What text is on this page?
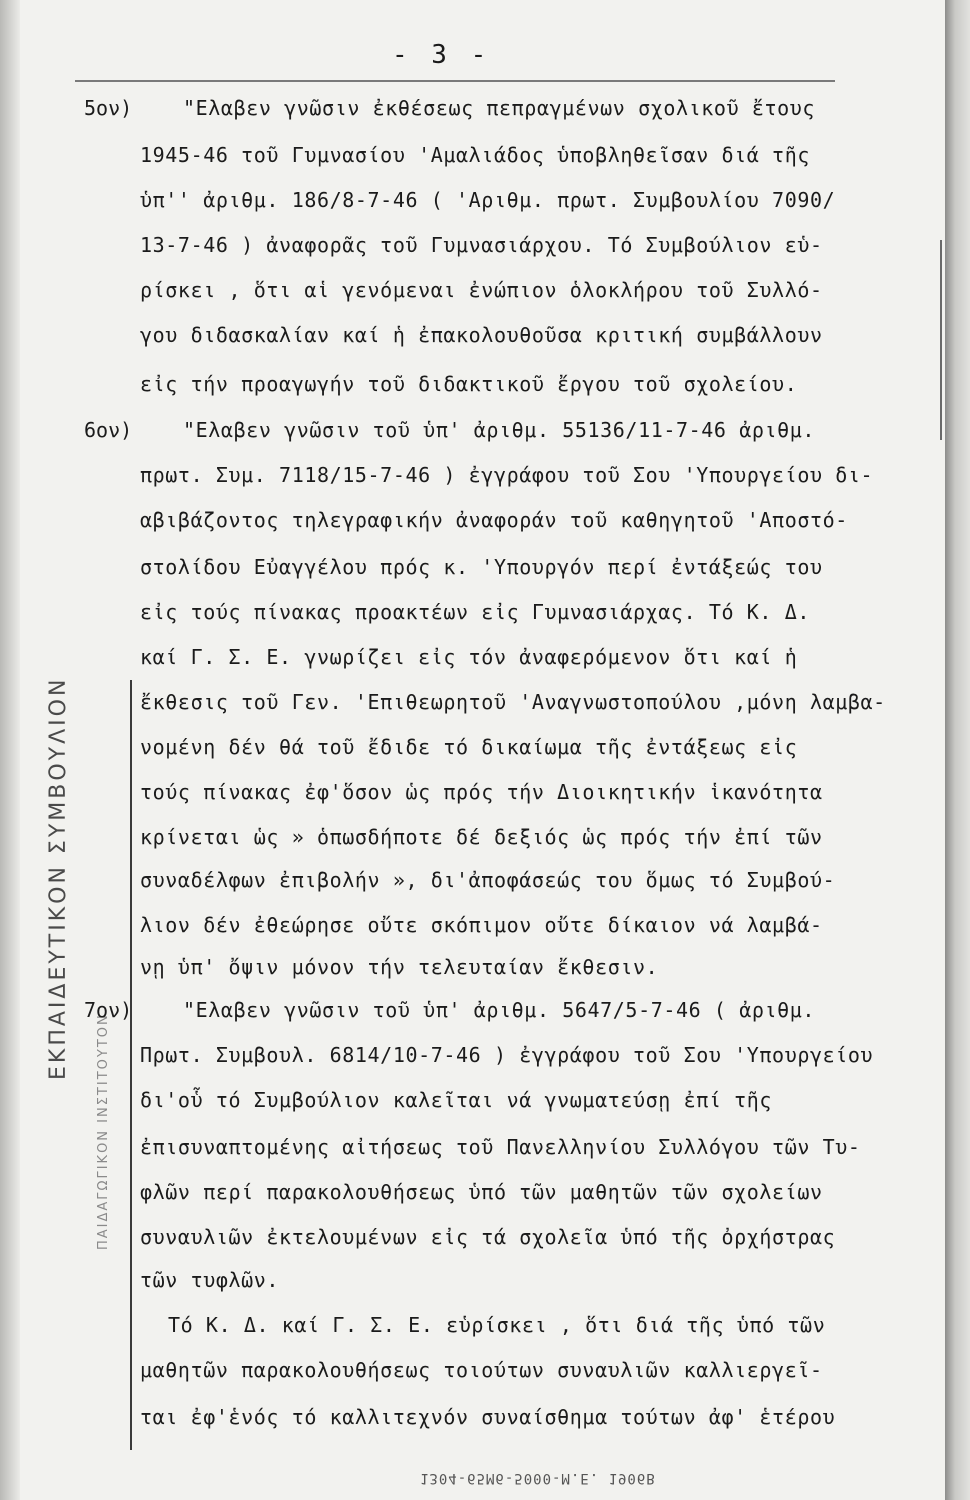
- 3 -
ΕΚΠΑΙΔΕΥΤΙΚΟΝ ΣΥΜΒΟΥΛΙΟΝ
ΠΑΙΔΑΓΩΓΙΚΟΝ ΙΝΣΤΙΤΟΥΤΟΝ
5ον)
6ον)
7ον)
"Ελαβεν γνῶσιν ἐκθέσεως πεπραγμένων σχολικοῦ ἔτους
1945-46 τοῦ Γυμνασίου 'Αμαλιάδος ὑποβληθεῖσαν διά τῆς
ὑπ'' ἀριθμ. 186/8-7-46 ( 'Αριθμ. πρωτ. Συμβουλίου 7090/
13-7-46 ) ἀναφορᾶς τοῦ Γυμνασιάρχου. Τό Συμβούλιον εὑ-
ρίσκει , ὅτι αἱ γενόμεναι ἐνώπιον ὁλοκλήρου τοῦ Συλλό-
γου διδασκαλίαν καί ἡ ἐπακολουθοῦσα κριτική συμβάλλουν
εἰς τήν προαγωγήν τοῦ διδακτικοῦ ἔργου τοῦ σχολείου.
"Ελαβεν γνῶσιν τοῦ ὑπ' ἀριθμ. 55136/11-7-46 ἀριθμ.
πρωτ. Συμ. 7118/15-7-46 ) ἐγγράφου τοῦ Σου 'Υπουργείου δι-
αβιβάζοντος τηλεγραφικήν ἀναφοράν τοῦ καθηγητοῦ 'Αποστό-
στολίδου Εὐαγγέλου πρός κ. 'Υπουργόν περί ἐντάξεώς του
εἰς τούς πίνακας προακτέων εἰς Γυμνασιάρχας. Τό Κ. Δ.
καί Γ. Σ. Ε. γνωρίζει εἰς τόν ἀναφερόμενον ὅτι καί ἡ
ἔκθεσις τοῦ Γεν. 'Επιθεωρητοῦ 'Αναγνωστοπούλου ,μόνη λαμβα-
νομένη δέν θά τοῦ ἔδιδε τό δικαίωμα τῆς ἐντάξεως εἰς
τούς πίνακας ἐφ'ὅσον ὡς πρός τήν Διοικητικήν ἱκανότητα
κρίνεται ὡς » ὁπωσδήποτε δέ δεξιός ὡς πρός τήν ἐπί τῶν
συναδέλφων ἐπιβολήν », δι'ἀποφάσεώς του ὅμως τό Συμβού-
λιον δέν ἐθεώρησε οὔτε σκόπιμον οὔτε δίκαιον νά λαμβά-
νῃ ὑπ' ὄψιν μόνον τήν τελευταίαν ἔκθεσιν.
"Ελαβεν γνῶσιν τοῦ ὑπ' ἀριθμ. 5647/5-7-46 ( ἀριθμ.
Πρωτ. Συμβουλ. 6814/10-7-46 ) ἐγγράφου τοῦ Σου 'Υπουργείου
δι'οὗ τό Συμβούλιον καλεῖται νά γνωματεύσῃ ἐπί τῆς
ἐπισυναπτομένης αἰτήσεως τοῦ Πανελληνίου Συλλόγου τῶν Τυ-
φλῶν περί παρακολουθήσεως ὑπό τῶν μαθητῶν τῶν σχολείων
συναυλιῶν ἐκτελουμένων εἰς τά σχολεῖα ὑπό τῆς ὀρχήστρας
τῶν τυφλῶν.
Τό Κ. Δ. καί Γ. Σ. Ε. εὑρίσκει , ὅτι διά τῆς ὑπό τῶν
μαθητῶν παρακολουθήσεως τοιούτων συναυλιῶν καλλιεργεῖ-
ται ἐφ'ἑνός τό καλλιτεχνόν συναίσθημα τούτων ἀφ' ἑτέρου
1304-65M6-5000-Μ.Ε. 1906Β
